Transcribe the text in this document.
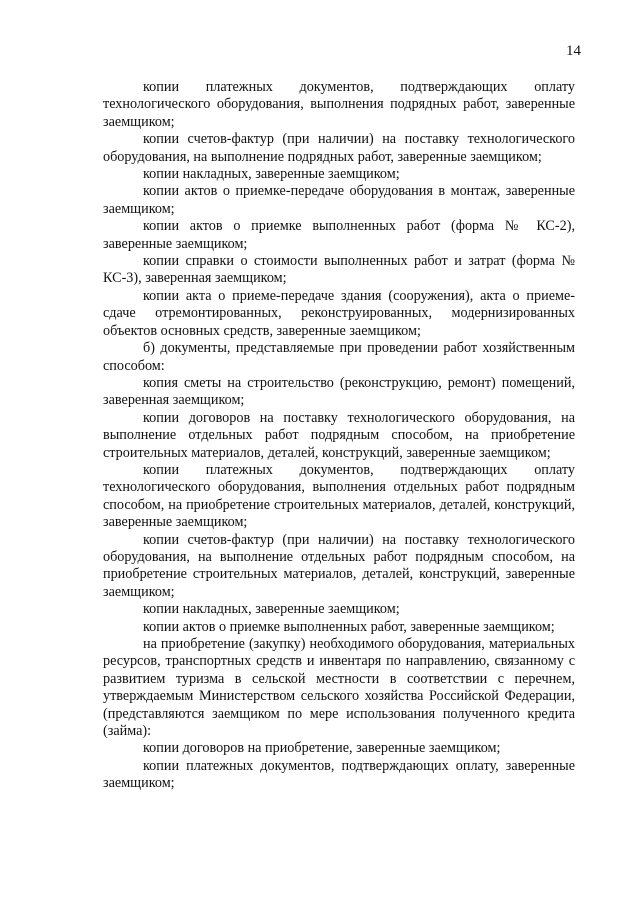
14

копии платежных документов, подтверждающих оплату технологического оборудования, выполнения подрядных работ, заверенные заемщиком;

копии счетов-фактур (при наличии) на поставку технологического оборудования, на выполнение подрядных работ, заверенные заемщиком;

копии накладных, заверенные заемщиком;

копии актов о приемке-передаче оборудования в монтаж, заверенные заемщиком;

копии актов о приемке выполненных работ (форма № КС-2), заверенные заемщиком;

копии справки о стоимости выполненных работ и затрат (форма № КС-3), заверенная заемщиком;

копии акта о приеме-передаче здания (сооружения), акта о приеме-сдаче отремонтированных, реконструированных, модернизированных объектов основных средств, заверенные заемщиком;

б) документы, представляемые при проведении работ хозяйственным способом:

копия сметы на строительство (реконструкцию, ремонт) помещений, заверенная заемщиком;

копии договоров на поставку технологического оборудования, на выполнение отдельных работ подрядным способом, на приобретение строительных материалов, деталей, конструкций, заверенные заемщиком;

копии платежных документов, подтверждающих оплату технологического оборудования, выполнения отдельных работ подрядным способом, на приобретение строительных материалов, деталей, конструкций, заверенные заемщиком;

копии счетов-фактур (при наличии) на поставку технологического оборудования, на выполнение отдельных работ подрядным способом, на приобретение строительных материалов, деталей, конструкций, заверенные заемщиком;

копии накладных, заверенные заемщиком;

копии актов о приемке выполненных работ, заверенные заемщиком;

на приобретение (закупку) необходимого оборудования, материальных ресурсов, транспортных средств и инвентаря по направлению, связанному с развитием туризма в сельской местности в соответствии с перечнем, утверждаемым Министерством сельского хозяйства Российской Федерации, (представляются заемщиком по мере использования полученного кредита (займа):

копии договоров на приобретение, заверенные заемщиком;

копии платежных документов, подтверждающих оплату, заверенные заемщиком;
